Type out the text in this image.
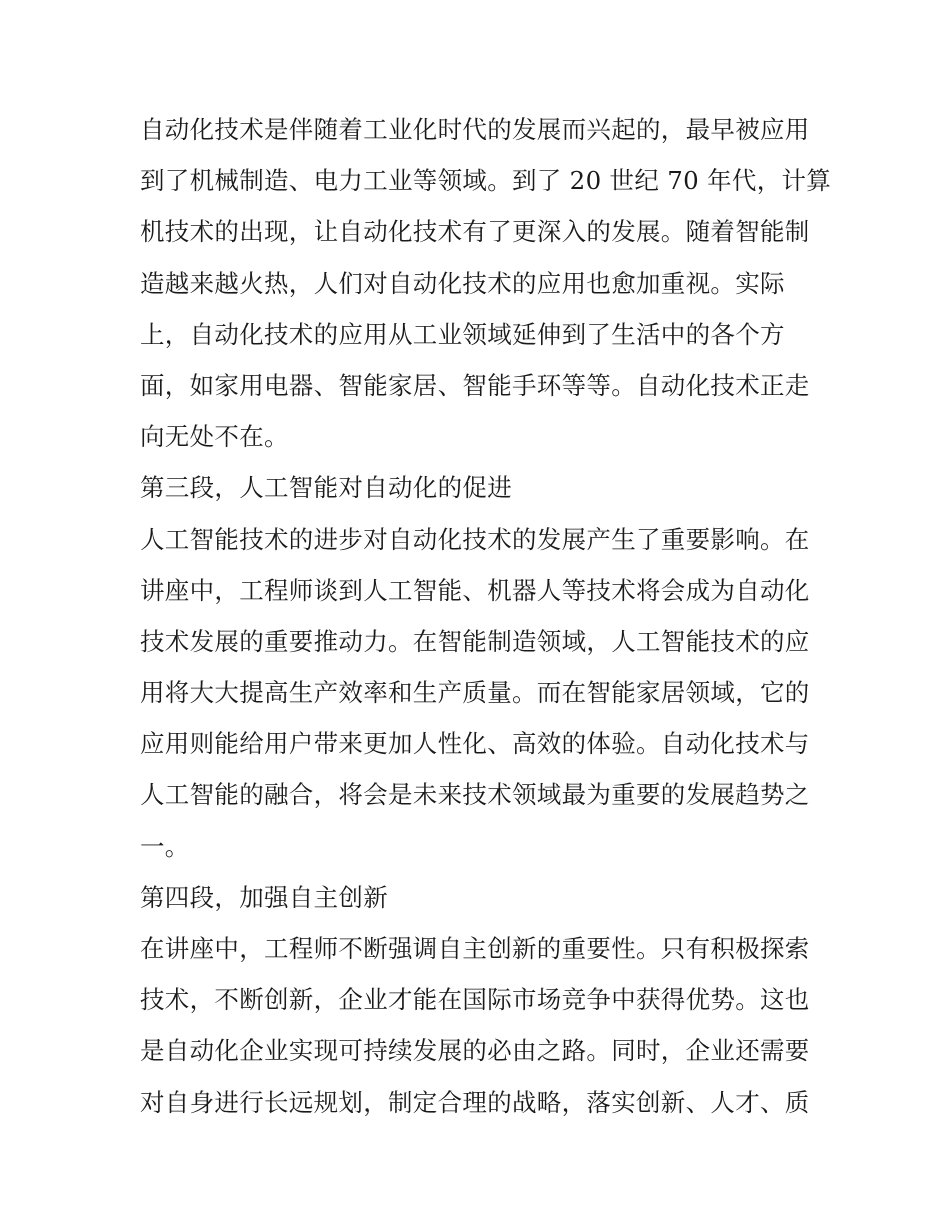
自动化技术是伴随着工业化时代的发展而兴起的，最早被应用
到了机械制造、电力工业等领域。到了 20 世纪 70 年代，计算
机技术的出现，让自动化技术有了更深入的发展。随着智能制
造越来越火热，人们对自动化技术的应用也愈加重视。实际
上，自动化技术的应用从工业领域延伸到了生活中的各个方
面，如家用电器、智能家居、智能手环等等。自动化技术正走
向无处不在。
第三段，人工智能对自动化的促进
人工智能技术的进步对自动化技术的发展产生了重要影响。在
讲座中，工程师谈到人工智能、机器人等技术将会成为自动化
技术发展的重要推动力。在智能制造领域，人工智能技术的应
用将大大提高生产效率和生产质量。而在智能家居领域，它的
应用则能给用户带来更加人性化、高效的体验。自动化技术与
人工智能的融合，将会是未来技术领域最为重要的发展趋势之
一。
第四段，加强自主创新
在讲座中，工程师不断强调自主创新的重要性。只有积极探索
技术，不断创新，企业才能在国际市场竞争中获得优势。这也
是自动化企业实现可持续发展的必由之路。同时，企业还需要
对自身进行长远规划，制定合理的战略，落实创新、人才、质
